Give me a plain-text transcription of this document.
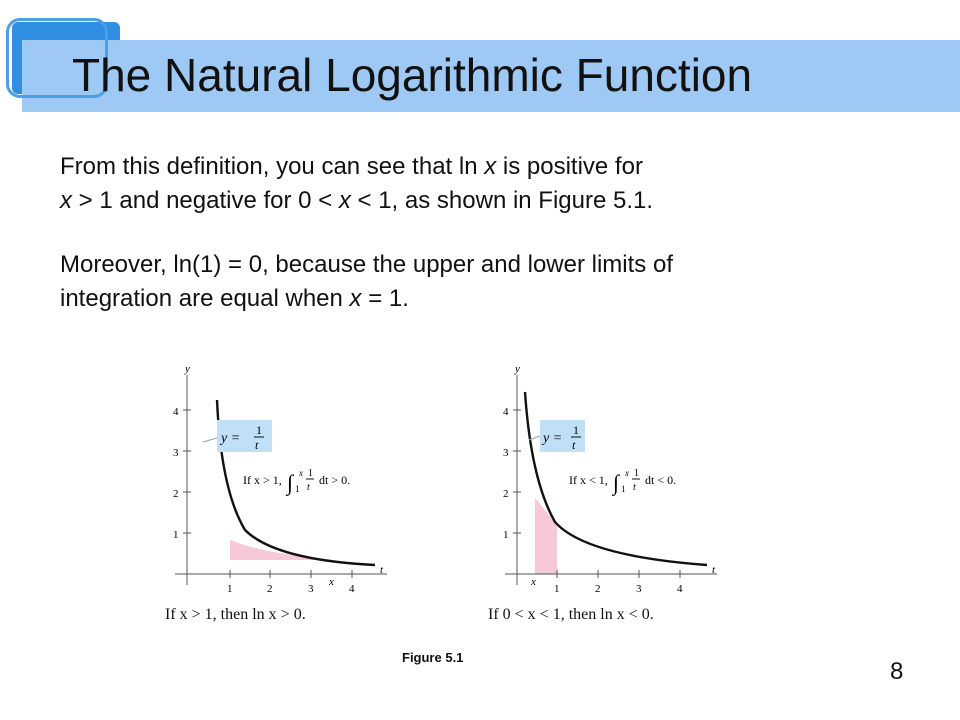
The Natural Logarithmic Function
From this definition, you can see that ln x is positive for
x > 1 and negative for 0 < x < 1, as shown in Figure 5.1.
Moreover, ln(1) = 0, because the upper and lower limits of
integration are equal when x = 1.
y
t
1
2
3
4
1	2	3	4
x
y =
1
t
If x > 1, ∫ x
1
1
t
dt > 0.
y
t
1
2
3
4
1	2	3	4
x
y =
1
t
If x < 1, ∫ x
1
1
t
dt < 0.
If x > 1, then ln x > 0.	If 0 < x < 1, then ln x < 0.
Figure 5.1
8
